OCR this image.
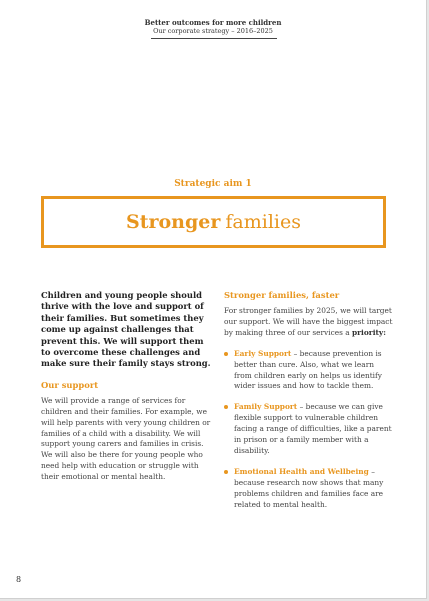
Better outcomes for more children
Our corporate strategy – 2016–2025
Strategic aim 1
Stronger families

Children and young people should thrive with the love and support of their families. But sometimes they come up against challenges that prevent this. We will support them to overcome these challenges and make sure their family stays strong.

Our support

We will provide a range of services for children and their families. For example, we will help parents with very young children or families of a child with a disability. We will support young carers and families in crisis. We will also be there for young people who need help with education or struggle with their emotional or mental health.

Stronger families, faster

For stronger families by 2025, we will target our support. We will have the biggest impact by making three of our services a priority:

Early Support – because prevention is better than cure. Also, what we learn from children early on helps us identify wider issues and how to tackle them.
Family Support – because we can give flexible support to vulnerable children facing a range of difficulties, like a parent in prison or a family member with a disability.
Emotional Health and Wellbeing – because research now shows that many problems children and families face are related to mental health.
8
